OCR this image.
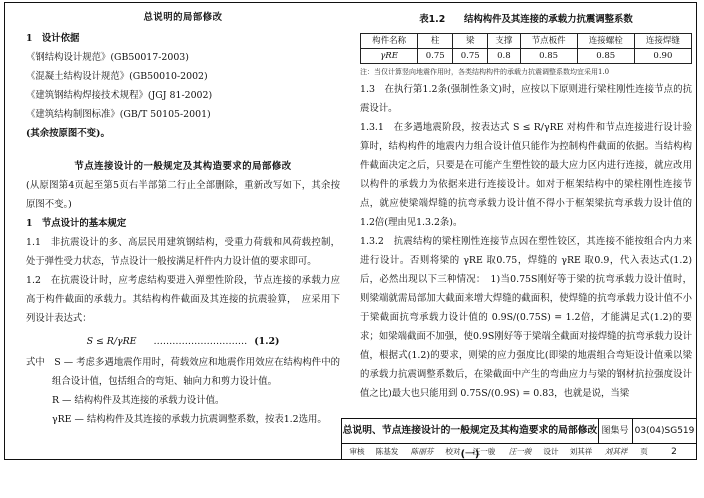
总说明的局部修改
1　设计依据
《钢结构设计规范》(GB50017-2003)
《混凝土结构设计规范》(GB50010-2002)
《建筑钢结构焊接技术规程》(JGJ 81-2002)
《建筑结构制图标准》(GB/T 50105-2001)
(其余按原图不变)。
节点连接设计的一般规定及其构造要求的局部修改
(从原图第4页起至第5页右半部第二行止全部删除，重新改写如下，其余按原图不变。)
1　节点设计的基本规定
1.1　非抗震设计的多、高层民用建筑钢结构，受重力荷载和风荷载控制，处于弹性受力状态，节点设计一般按满足杆件内力设计值的要求即可。
1.2　在抗震设计时，应考虑结构要进入弹塑性阶段，节点连接的承载力应高于构件截面的承载力。其结构构件截面及其连接的抗震验算，　应采用下列设计表达式：
S ≤ R/γRE ………………………… (1.2)
式中　S — 考虑多遇地震作用时，荷载效应和地震作用效应在结构构件中的组合设计值，包括组合的弯矩、轴向力和剪力设计值。
R — 结构构件及其连接的承载力设计值。
γRE — 结构构件及其连接的承载力抗震调整系数，按表1.2选用。
表1.2　　结构构件及其连接的承载力抗震调整系数
构件名称	柱	梁	支撑	节点板件	连接螺栓	连接焊缝
γRE	0.75	0.75	0.8	0.85	0.85	0.90
注：当仅计算竖向地震作用时，各类结构构件的承载力抗震调整系数均宜采用1.0
1.3　在执行第1.2条(强制性条文)时，应按以下原则进行梁柱刚性连接节点的抗震设计。
1.3.1　在多遇地震阶段，按表达式 S ≤ R/γRE 对构件和节点连接进行设计验算时，结构构件的地震内力组合设计值只能作为控制构件截面的依据。当结构构件截面决定之后，只要是在可能产生塑性铰的最大应力区内进行连接，就应改用以构件的承载力为依据来进行连接设计。如对于框架结构中的梁柱刚性连接节点，就应使梁端焊缝的抗弯承载力设计值不得小于框架梁抗弯承载力设计值的1.2倍(理由见1.3.2条)。
1.3.2　抗震结构的梁柱刚性连接节点因在塑性铰区，其连接不能按组合内力来进行设计。否则将梁的 γRE 取0.75，焊缝的 γRE 取0.9，代入表达式(1.2)后，必然出现以下三种情况：　1)当0.75S刚好等于梁的抗弯承载力设计值时，则梁端就需局部加大截面来增大焊缝的截面积，使焊缝的抗弯承载力设计值不小于梁截面抗弯承载力设计值的 0.9S/(0.75S) = 1.2倍，才能满足式(1.2)的要求；如梁端截面不加强，使0.9S刚好等于梁端全截面对接焊缝的抗弯承载力设计值，根据式(1.2)的要求，则梁的应力强度比(即梁的地震组合弯矩设计值乘以梁的承载力抗震调整系数后，在梁截面中产生的弯曲应力与梁的钢材抗拉强度设计值之比)最大也只能用到 0.75S/(0.9S) = 0.83，也就是说，当梁
总说明、节点连接设计的一般规定及其构造要求的局部修改(一)
图集号 03(04)SG519
审核	陈基发	陈丽芬	校对	汪一骏	汪一骏	设计	刘其祥	刘其祥	页	2
